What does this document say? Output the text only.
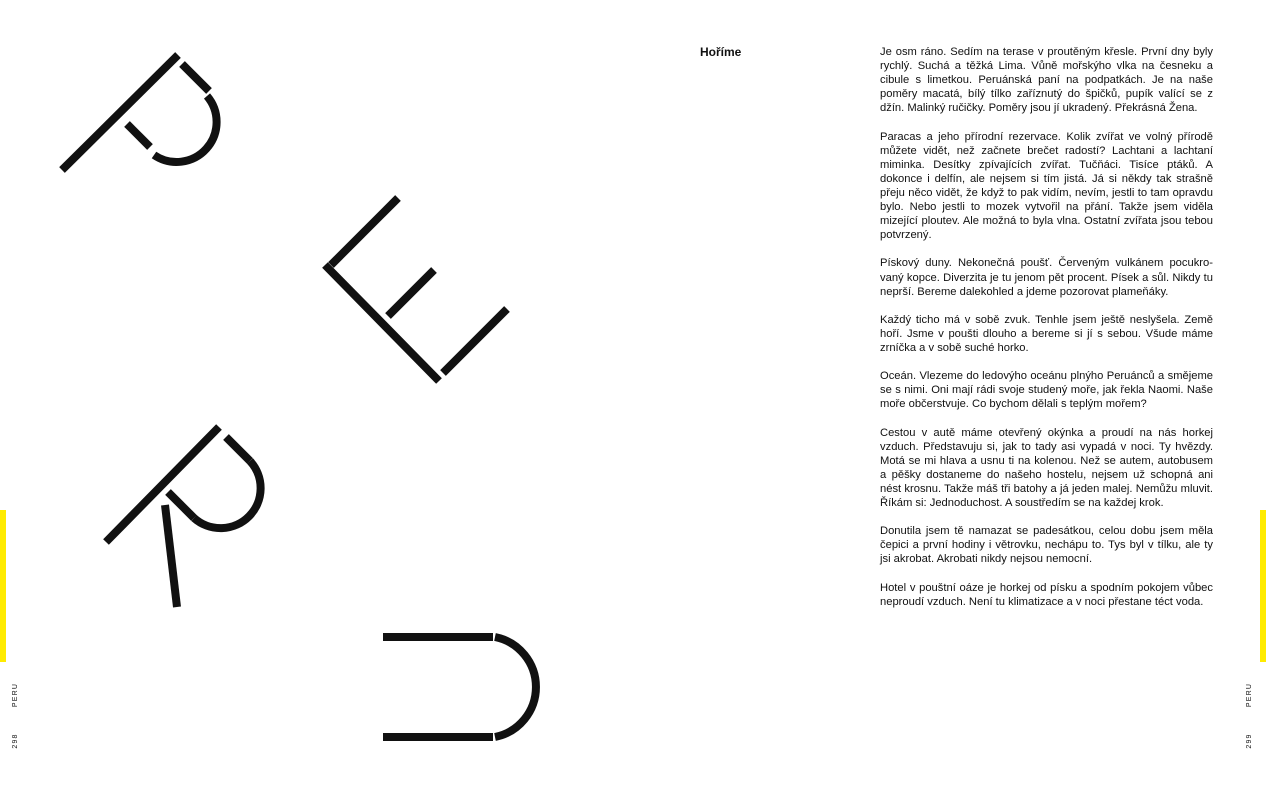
PERU
298
PERU
299
Hoříme	Je osm ráno. Sedím na terase v proutěným křesle. První dny byly rychlý. Suchá a těžká Lima. Vůně mořskýho vlka na česneku a cibule s limetkou. Peruánská paní na podpatkách. Je na naše poměry macatá, bílý tílko zaříznutý do špičků, pupík valící se z džín. Malinký ručičky. Poměry jsou jí ukradený. Překrásná Žena.

Paracas a jeho přírodní rezervace. Kolik zvířat ve volný přírodě můžete vidět, než začnete brečet radostí? Lachtani a lachtaní miminka. Desítky zpívajících zvířat. Tučňáci. Tisíce ptáků. A dokonce i delfín, ale nejsem si tím jistá. Já si někdy tak strašně přeju něco vidět, že když to pak vidím, nevím, jestli to tam opravdu bylo. Nebo jestli to mozek vytvořil na přání. Takže jsem viděla mizející ploutev. Ale možná to byla vlna. Ostatní zvířata jsou tebou potvrzený.

Pískový duny. Nekonečná poušť. Červeným vulkánem pocukrovaný kopce. Diverzita je tu jenom pět procent. Písek a sůl. Nikdy tu neprší. Bereme dalekohled a jdeme pozorovat plameňáky.

Každý ticho má v sobě zvuk. Tenhle jsem ještě neslyšela. Země hoří. Jsme v poušti dlouho a bereme si jí s sebou. Všude máme zrníčka a v sobě suché horko.

Oceán. Vlezeme do ledovýho oceánu plnýho Peruánců a smějeme se s nimi. Oni mají rádi svoje studený moře, jak řekla Naomi. Naše moře občerstvuje. Co bychom dělali s teplým mořem?

Cestou v autě máme otevřený okýnka a proudí na nás horkej vzduch. Představuju si, jak to tady asi vypadá v noci. Ty hvězdy. Motá se mi hlava a usnu ti na kolenou. Než se autem, autobusem a pěšky dostaneme do našeho hostelu, nejsem už schopná ani nést krosnu. Takže máš tři batohy a já jeden malej. Nemůžu mluvit. Říkám si: Jednoduchost. A soustředím se na každej krok.

Donutila jsem tě namazat se padesátkou, celou dobu jsem měla čepici a první hodiny i větrovku, nechápu to. Tys byl v tílku, ale ty jsi akrobat. Akrobati nikdy nejsou nemocní.

Hotel v pouštní oáze je horkej od písku a spodním pokojem vůbec neproudí vzduch. Není tu klimatizace a v noci přestane téct voda.
